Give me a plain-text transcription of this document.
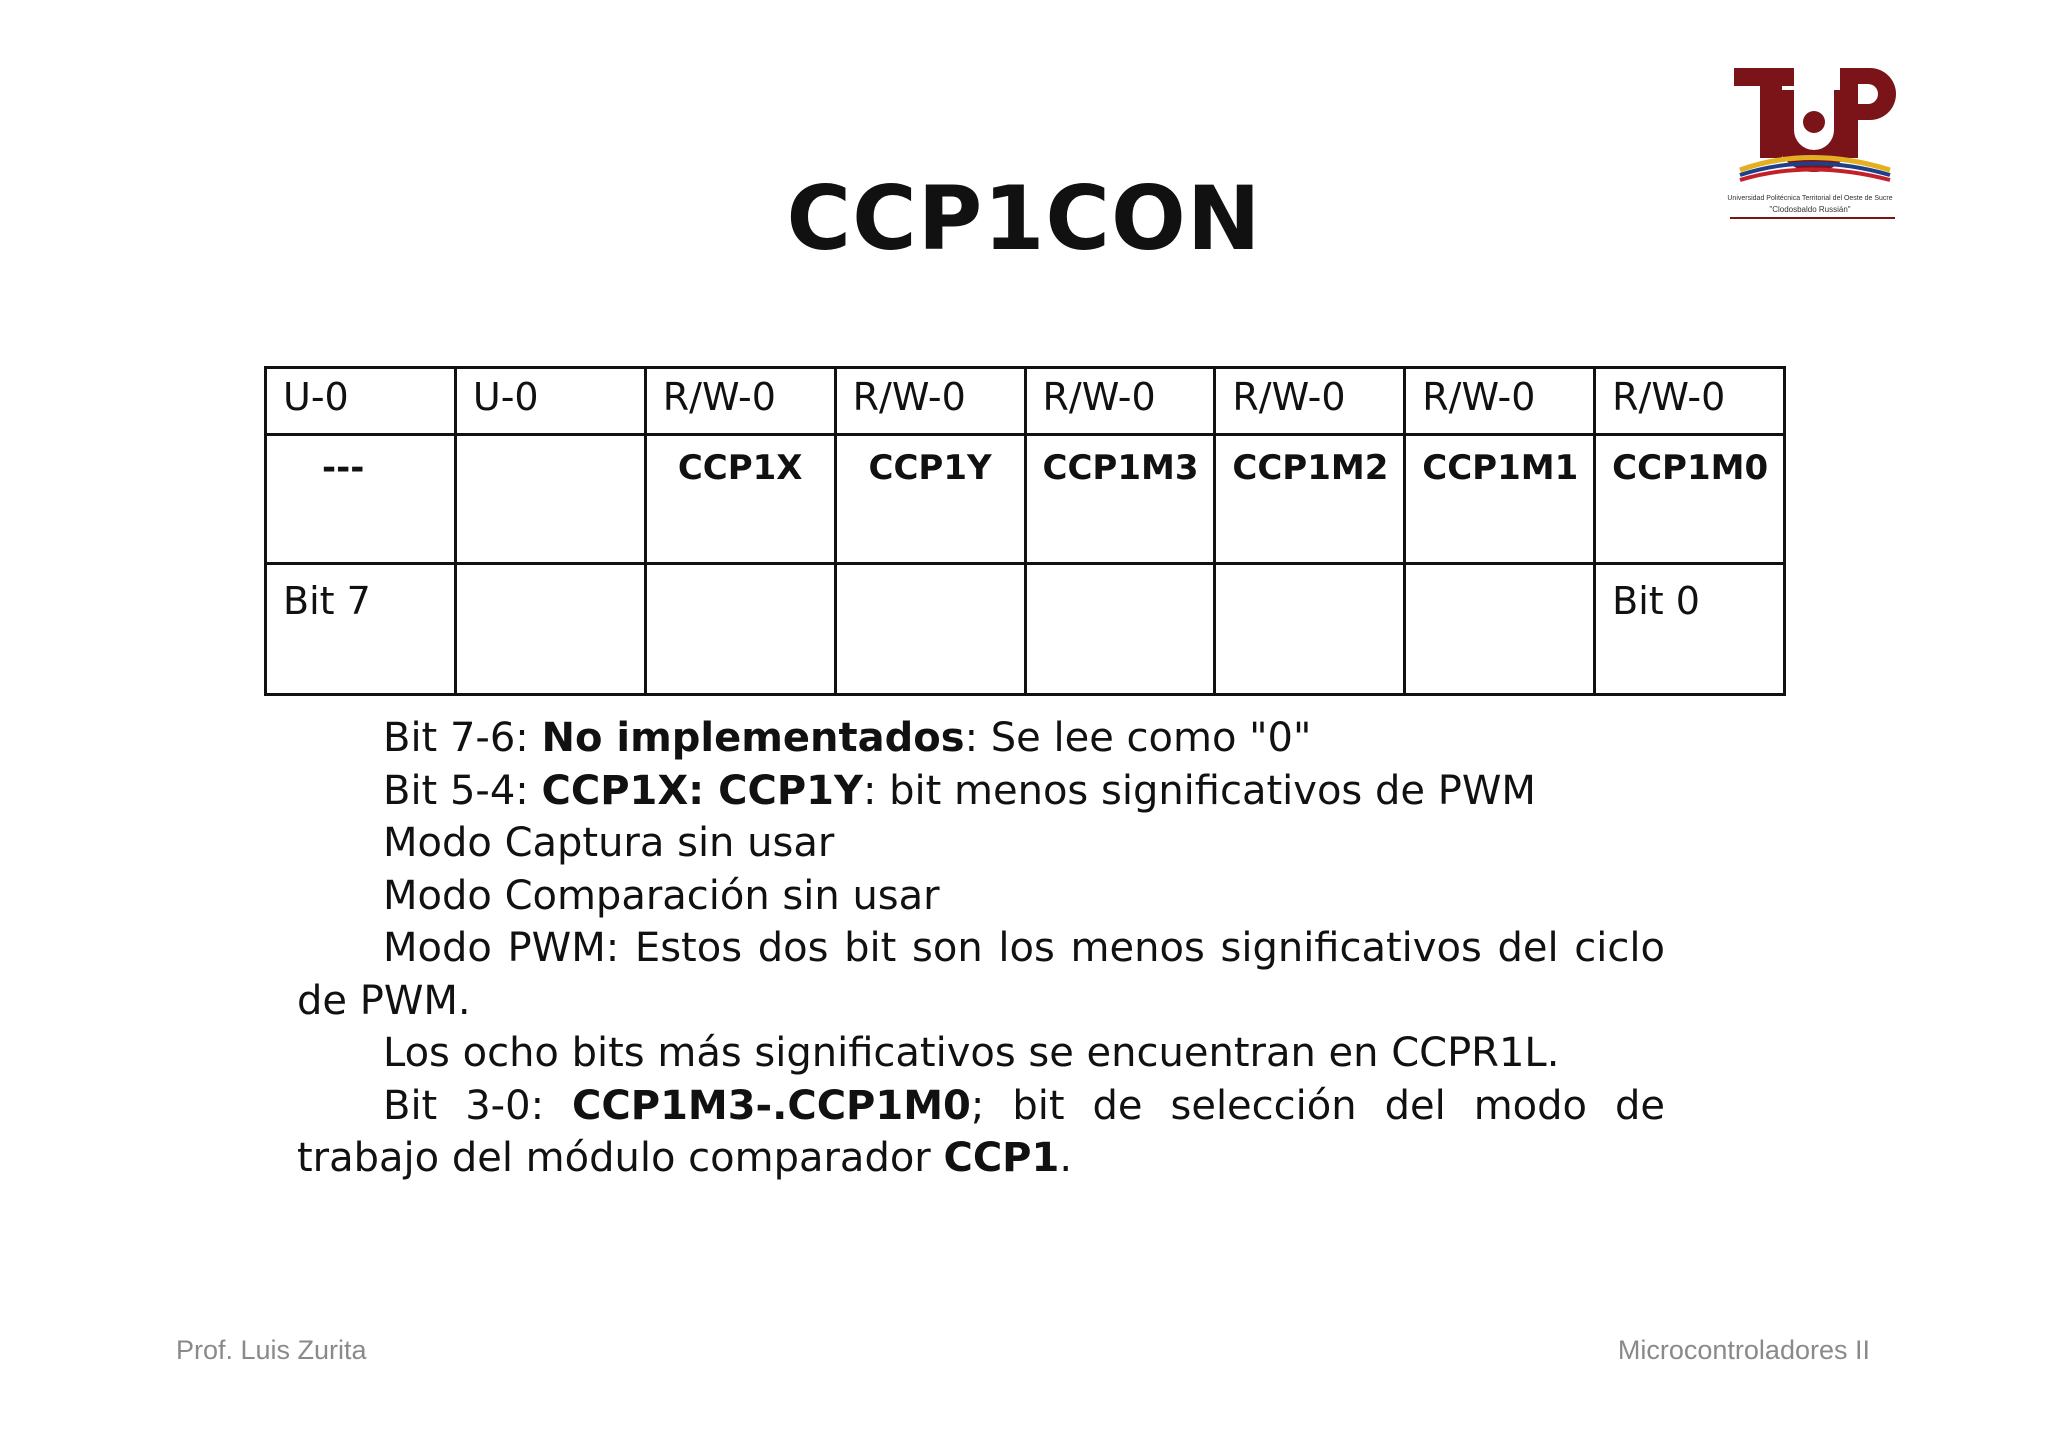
CCP1CON	Universidad Politécnica Territorial del Oeste de Sucre
"Clodosbaldo Russián"
U-0	U-0	R/W-0	R/W-0	R/W-0	R/W-0	R/W-0	R/W-0
---		CCP1X	CCP1Y	CCP1M3	CCP1M2	CCP1M1	CCP1M0
Bit 7							Bit 0

Bit 7-6: No implementados: Se lee como "0"

Bit 5-4: CCP1X: CCP1Y: bit menos significativos de PWM

Modo Captura sin usar

Modo Comparación sin usar

Modo PWM: Estos dos bit son los menos significativos del ciclo de PWM.

Los ocho bits más significativos se encuentran en CCPR1L.

Bit 3-0: CCP1M3-.CCP1M0; bit de selección del modo de trabajo del módulo comparador CCP1.

Prof. Luis Zurita	Microcontroladores II
